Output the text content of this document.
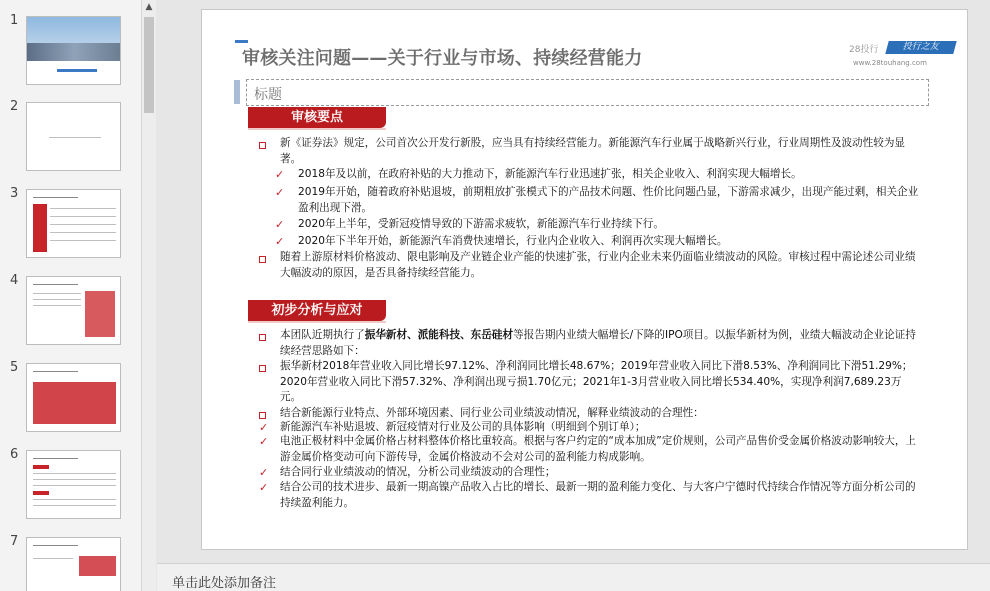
1
2
3
4
5
6
7
▲
审核关注问题——关于行业与市场、持续经营能力	28投行	投行之友
www.28touhang.com
标题
审核要点
新《证券法》规定，公司首次公开发行新股，应当具有持续经营能力。新能源汽车行业属于战略新兴行业，行业周期性及波动性较为显著。
✓ 2018年及以前，在政府补贴的大力推动下，新能源汽车行业迅速扩张，相关企业收入、利润实现大幅增长。
✓ 2019年开始，随着政府补贴退坡，前期粗放扩张模式下的产品技术问题、性价比问题凸显，下游需求减少，出现产能过剩，相关企业盈利出现下滑。
✓ 2020年上半年，受新冠疫情导致的下游需求疲软，新能源汽车行业持续下行。
✓ 2020年下半年开始，新能源汽车消费快速增长，行业内企业收入、利润再次实现大幅增长。
随着上游原材料价格波动、限电影响及产业链企业产能的快速扩张，行业内企业未来仍面临业绩波动的风险。审核过程中需论述公司业绩大幅波动的原因，是否具备持续经营能力。
初步分析与应对
本团队近期执行了振华新材、派能科技、东岳硅材等报告期内业绩大幅增长/下降的IPO项目。以振华新材为例，业绩大幅波动企业论证持续经营思路如下：
振华新材2018年营业收入同比增长97.12%、净利润同比增长48.67%；2019年营业收入同比下滑8.53%、净利润同比下滑51.29%；2020年营业收入同比下滑57.32%、净利润出现亏损1.70亿元；2021年1-3月营业收入同比增长534.40%，实现净利润7,689.23万元。
结合新能源行业特点、外部环境因素、同行业公司业绩波动情况，解释业绩波动的合理性：
✓ 新能源汽车补贴退坡、新冠疫情对行业及公司的具体影响（明细到个别订单）；
✓ 电池正极材料中金属价格占材料整体价格比重较高。根据与客户约定的“成本加成”定价规则，公司产品售价受金属价格波动影响较大，上游金属价格变动可向下游传导，金属价格波动不会对公司的盈利能力构成影响。
✓ 结合同行业业绩波动的情况，分析公司业绩波动的合理性；
✓ 结合公司的技术进步、最新一期高镍产品收入占比的增长、最新一期的盈利能力变化、与大客户宁德时代持续合作情况等方面分析公司的持续盈利能力。
单击此处添加备注
